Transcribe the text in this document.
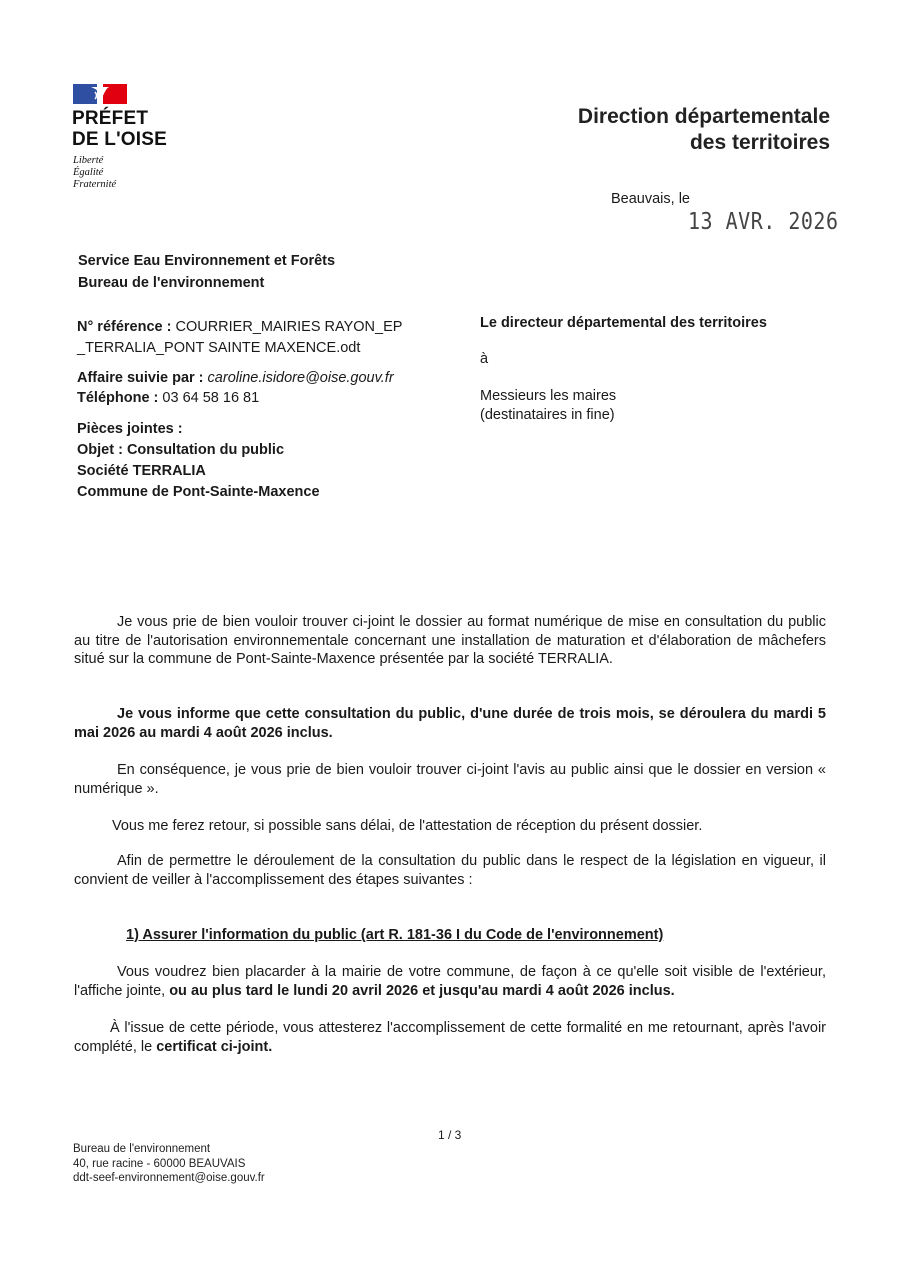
PRÉFET
DE L'OISE
Liberté
Égalité
Fraternité
Direction départementale
des territoires
Beauvais, le
13 AVR. 2026
Service Eau Environnement et Forêts
Bureau de l'environnement
N° référence : COURRIER_MAIRIES RAYON_EP
_TERRALIA_PONT SAINTE MAXENCE.odt
Affaire suivie par : caroline.isidore@oise.gouv.fr
Téléphone : 03 64 58 16 81
Pièces jointes :
Objet : Consultation du public
Société TERRALIA
Commune de Pont-Sainte-Maxence
Le directeur départemental des territoires
à
Messieurs les maires
(destinataires in fine)
Je vous prie de bien vouloir trouver ci-joint le dossier au format numérique de mise en consultation du public au titre de l'autorisation environnementale concernant une installation de maturation et d'élaboration de mâchefers situé sur la commune de Pont-Sainte-Maxence présentée par la société TERRALIA.
Je vous informe que cette consultation du public, d'une durée de trois mois, se déroulera du mardi 5 mai 2026 au mardi 4 août 2026 inclus.
En conséquence, je vous prie de bien vouloir trouver ci-joint l'avis au public ainsi que le dossier en version « numérique ».
Vous me ferez retour, si possible sans délai, de l'attestation de réception du présent dossier.
Afin de permettre le déroulement de la consultation du public dans le respect de la législation en vigueur, il convient de veiller à l'accomplissement des étapes suivantes :
1) Assurer l'information du public (art R. 181-36 I du Code de l'environnement)
Vous voudrez bien placarder à la mairie de votre commune, de façon à ce qu'elle soit visible de l'extérieur, l'affiche jointe, ou au plus tard le lundi 20 avril 2026 et jusqu'au mardi 4 août 2026 inclus.
À l'issue de cette période, vous attesterez l'accomplissement de cette formalité en me retournant, après l'avoir complété, le certificat ci-joint.
1 / 3
Bureau de l'environnement
40, rue racine - 60000 BEAUVAIS
ddt-seef-environnement@oise.gouv.fr
